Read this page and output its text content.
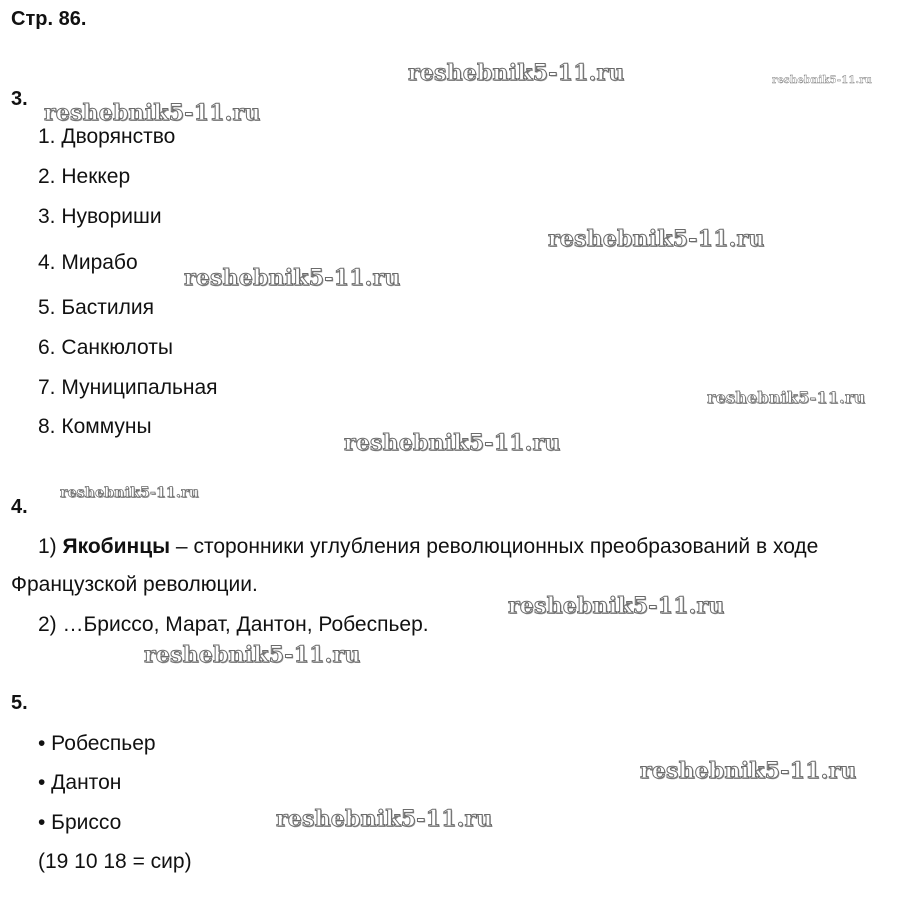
Стр. 86.
3.
1. Дворянство
2. Неккер
3. Нувориши
4. Мирабо
5. Бастилия
6. Санкюлоты
7. Муниципальная
8. Коммуны
4.
1) Якобинцы – сторонники углубления революционных преобразований в ходе
Французской революции.
2) …Бриссо, Марат, Дантон, Робеспьер.
5.
• Робеспьер
• Дантон
• Бриссо
(19 10 18 = сир)
reshebnik5-11.ru	reshebnik5-11.ru
reshebnik5-11.ru
reshebnik5-11.ru
reshebnik5-11.ru
reshebnik5-11.ru
reshebnik5-11.ru
reshebnik5-11.ru
reshebnik5-11.ru
reshebnik5-11.ru
reshebnik5-11.ru
reshebnik5-11.ru
